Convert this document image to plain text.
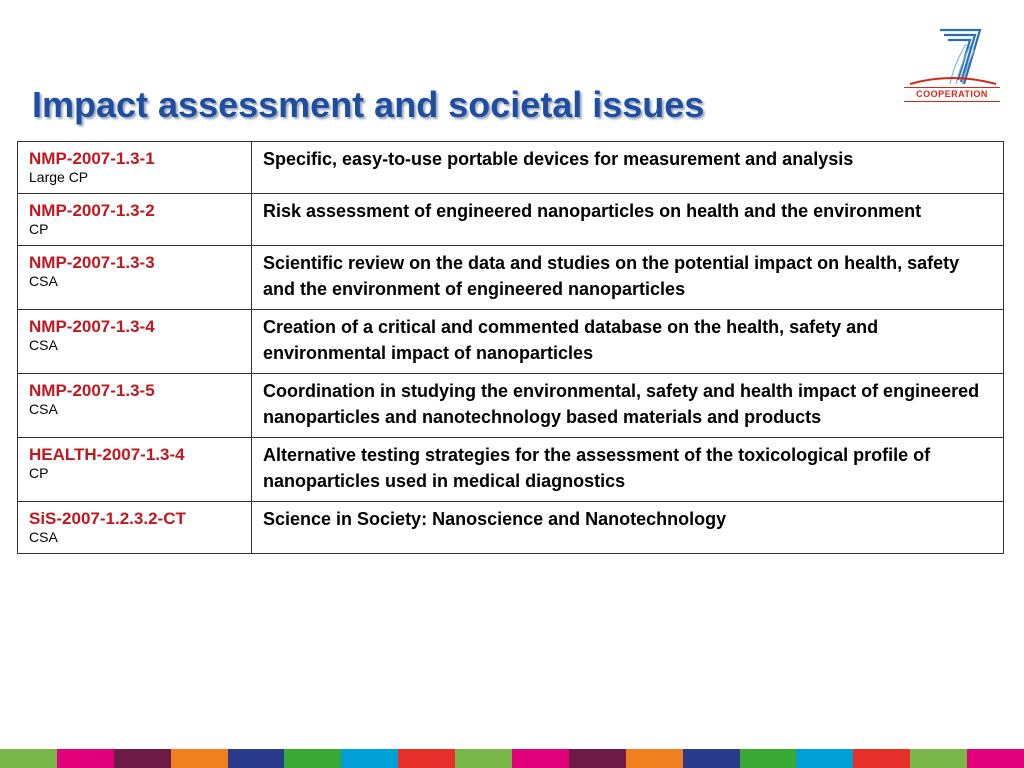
Impact assessment and societal issues	COOPERATION
NMP-2007-1.3-1
Large CP	Specific, easy-to-use portable devices for measurement and analysis

NMP-2007-1.3-2
CP	Risk assessment of engineered nanoparticles on health and the environment

NMP-2007-1.3-3
CSA	Scientific review on the data and studies on the potential impact on health, safety and the environment of engineered nanoparticles

NMP-2007-1.3-4
CSA	Creation of a critical and commented database on the health, safety and environmental impact of nanoparticles

NMP-2007-1.3-5
CSA	Coordination in studying the environmental, safety and health impact of engineered nanoparticles and nanotechnology based materials and products

HEALTH-2007-1.3-4
CP	Alternative testing strategies for the assessment of the toxicological profile of nanoparticles used in medical diagnostics

SiS-2007-1.2.3.2-CT
CSA	Science in Society: Nanoscience and Nanotechnology
